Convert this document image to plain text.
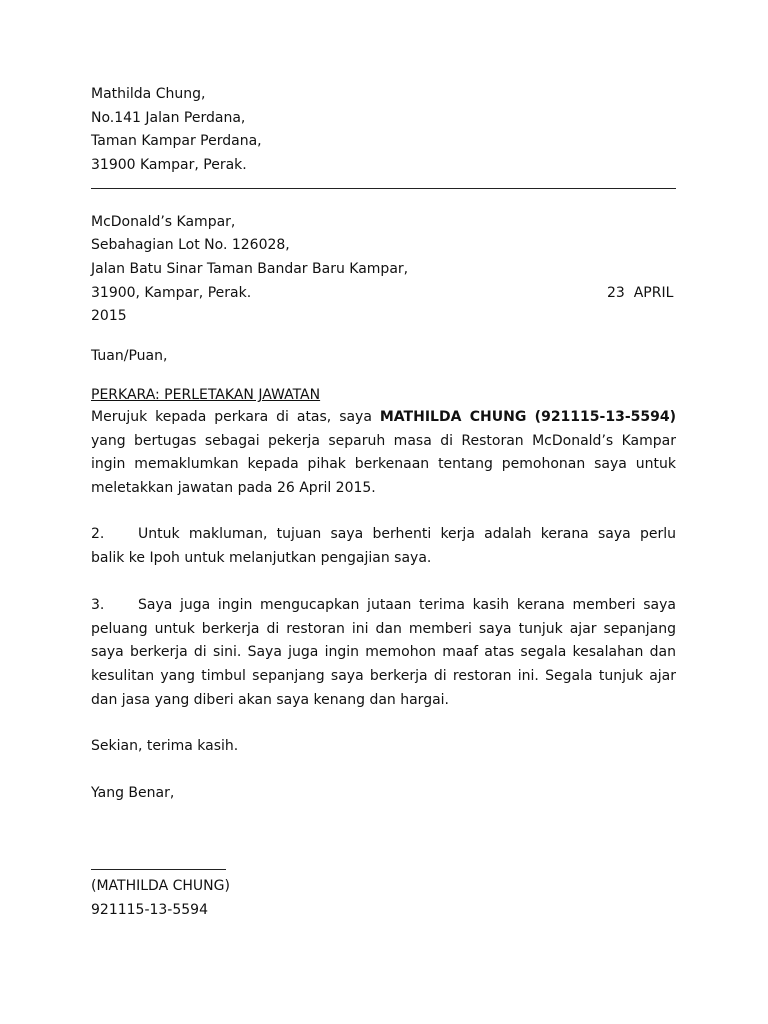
Mathilda Chung,
No.141 Jalan Perdana,
Taman Kampar Perdana,
31900 Kampar, Perak.
McDonald’s Kampar,
Sebahagian Lot No. 126028,
Jalan Batu Sinar Taman Bandar Baru Kampar,
31900, Kampar, Perak.	23 APRIL
2015
Tuan/Puan,
PERKARA: PERLETAKAN JAWATAN
Merujuk kepada perkara di atas, saya MATHILDA CHUNG (921115-13-5594)
yang bertugas sebagai pekerja separuh masa di Restoran McDonald’s Kampar
ingin memaklumkan kepada pihak berkenaan tentang pemohonan saya untuk
meletakkan jawatan pada 26 April 2015.
2. Untuk makluman, tujuan saya berhenti kerja adalah kerana saya perlu
balik ke Ipoh untuk melanjutkan pengajian saya.
3. Saya juga ingin mengucapkan jutaan terima kasih kerana memberi saya
peluang untuk berkerja di restoran ini dan memberi saya tunjuk ajar sepanjang
saya berkerja di sini. Saya juga ingin memohon maaf atas segala kesalahan dan
kesulitan yang timbul sepanjang saya berkerja di restoran ini. Segala tunjuk ajar
dan jasa yang diberi akan saya kenang dan hargai.
Sekian, terima kasih.
Yang Benar,
(MATHILDA CHUNG)
921115-13-5594
